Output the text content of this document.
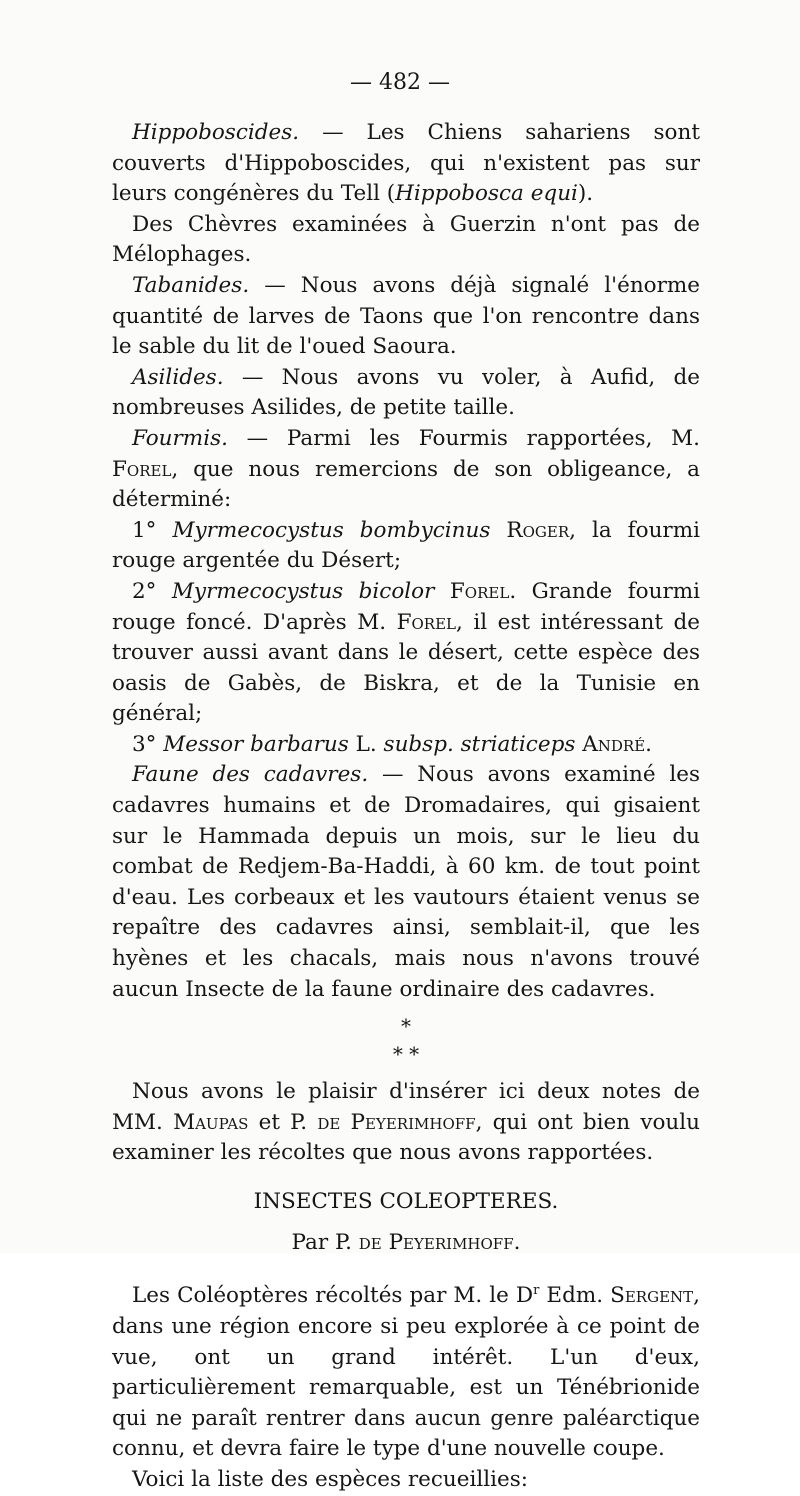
— 482 —

Hippoboscides. — Les Chiens sahariens sont couverts d'Hippoboscides, qui n'existent pas sur leurs congénères du Tell (Hippobosca equi).

Des Chèvres examinées à Guerzin n'ont pas de Mélophages.

Tabanides. — Nous avons déjà signalé l'énorme quantité de larves de Taons que l'on rencontre dans le sable du lit de l'oued Saoura.

Asilides. — Nous avons vu voler, à Aufid, de nombreuses Asilides, de petite taille.

Fourmis. — Parmi les Fourmis rapportées, M. Forel, que nous remercions de son obligeance, a déterminé:

1° Myrmecocystus bombycinus Roger, la fourmi rouge argentée du Désert;

2° Myrmecocystus bicolor Forel. Grande fourmi rouge foncé. D'après M. Forel, il est intéressant de trouver aussi avant dans le désert, cette espèce des oasis de Gabès, de Biskra, et de la Tunisie en général;

3° Messor barbarus L. subsp. striaticeps André.

Faune des cadavres. — Nous avons examiné les cadavres humains et de Dromadaires, qui gisaient sur le Hammada depuis un mois, sur le lieu du combat de Redjem-Ba-Haddi, à 60 km. de tout point d'eau. Les corbeaux et les vautours étaient venus se repaître des cadavres ainsi, semblait-il, que les hyènes et les chacals, mais nous n'avons trouvé aucun Insecte de la faune ordinaire des cadavres.

*
* *

Nous avons le plaisir d'insérer ici deux notes de MM. Maupas et P. de Peyerimhoff, qui ont bien voulu examiner les récoltes que nous avons rapportées.

INSECTES COLEOPTERES.

Par P. de Peyerimhoff.

Les Coléoptères récoltés par M. le $D^r$ Edm. Sergent, dans une région encore si peu explorée à ce point de vue, ont un grand intérêt. L'un d'eux, particulièrement remarquable, est un Ténébrionide qui ne paraît rentrer dans aucun genre paléarctique connu, et devra faire le type d'une nouvelle coupe.

Voici la liste des espèces recueillies:
